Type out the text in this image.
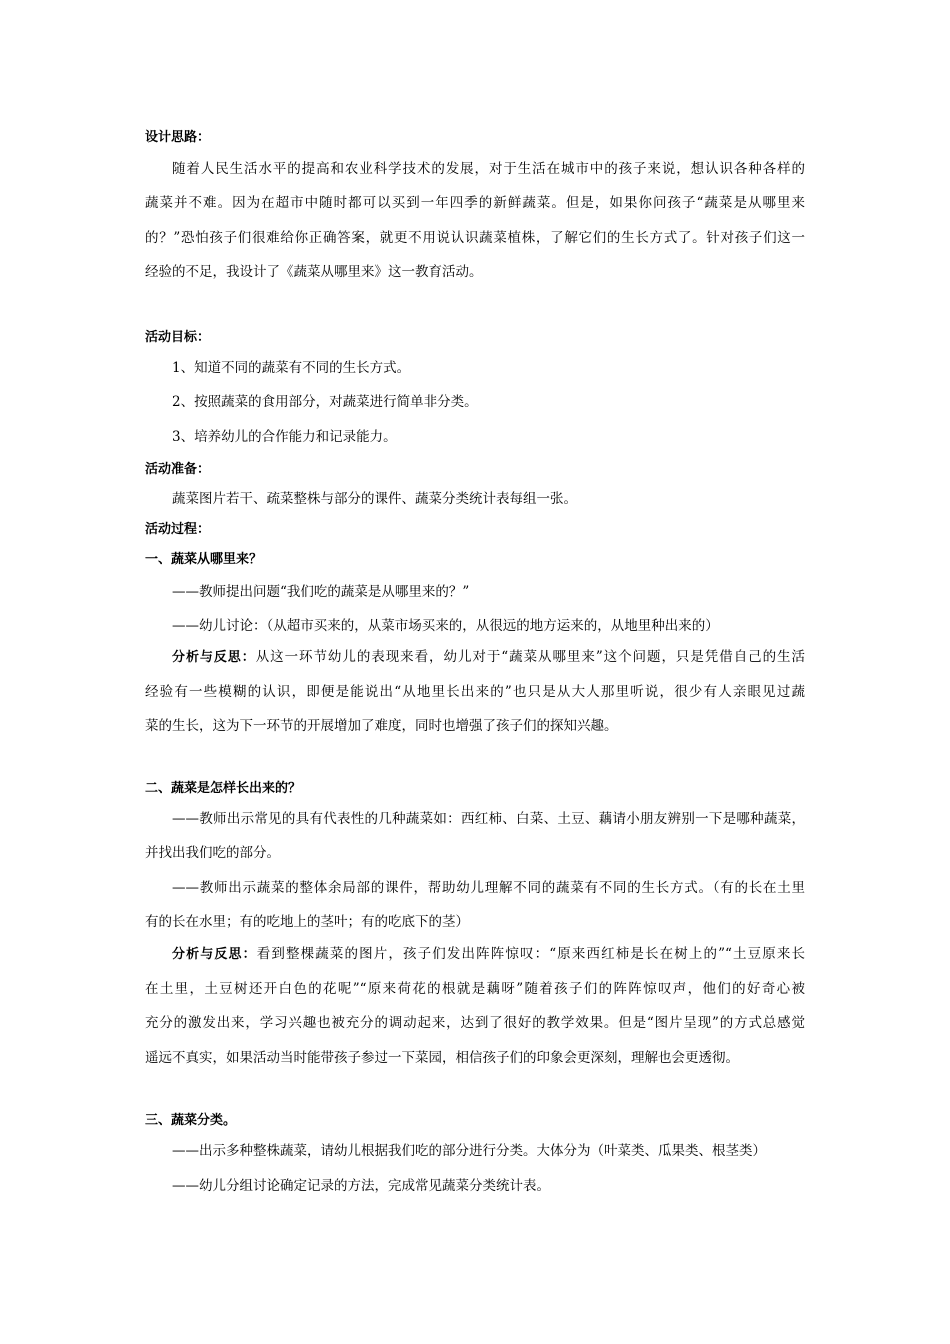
设计思路：
随着人民生活水平的提高和农业科学技术的发展，对于生活在城市中的孩子来说，想认识各种各样的
蔬菜并不难。因为在超市中随时都可以买到一年四季的新鲜蔬菜。但是，如果你问孩子“蔬菜是从哪里来
的？”恐怕孩子们很难给你正确答案，就更不用说认识蔬菜植株，了解它们的生长方式了。针对孩子们这一
经验的不足，我设计了《蔬菜从哪里来》这一教育活动。
活动目标：
1、知道不同的蔬菜有不同的生长方式。
2、按照蔬菜的食用部分，对蔬菜进行简单非分类。
3、培养幼儿的合作能力和记录能力。
活动准备：
蔬菜图片若干、疏菜整株与部分的课件、蔬菜分类统计表每组一张。
活动过程：
一、蔬菜从哪里来？
——教师提出问题“我们吃的蔬菜是从哪里来的？”
——幼儿讨论：（从超市买来的，从菜市场买来的，从很远的地方运来的，从地里种出来的）
分析与反思：从这一环节幼儿的表现来看，幼儿对于“蔬菜从哪里来”这个问题，只是凭借自己的生活
经验有一些模糊的认识，即便是能说出“从地里长出来的”也只是从大人那里听说，很少有人亲眼见过蔬
菜的生长，这为下一环节的开展增加了难度，同时也增强了孩子们的探知兴趣。
二、蔬菜是怎样长出来的？
——教师出示常见的具有代表性的几种蔬菜如：西红柿、白菜、土豆、藕请小朋友辨别一下是哪种蔬菜，
并找出我们吃的部分。
——教师出示蔬菜的整体余局部的课件，帮助幼儿理解不同的蔬菜有不同的生长方式。（有的长在土里
有的长在水里；有的吃地上的茎叶；有的吃底下的茎）
分析与反思：看到整棵蔬菜的图片，孩子们发出阵阵惊叹：“原来西红柿是长在树上的”“土豆原来长
在土里，土豆树还开白色的花呢”“原来荷花的根就是藕呀”随着孩子们的阵阵惊叹声，他们的好奇心被
充分的激发出来，学习兴趣也被充分的调动起来，达到了很好的教学效果。但是“图片呈现”的方式总感觉
遥远不真实，如果活动当时能带孩子参过一下菜园，相信孩子们的印象会更深刻，理解也会更透彻。
三、蔬菜分类。
——出示多种整株蔬菜，请幼儿根据我们吃的部分进行分类。大体分为（叶菜类、瓜果类、根茎类）
——幼儿分组讨论确定记录的方法，完成常见蔬菜分类统计表。
